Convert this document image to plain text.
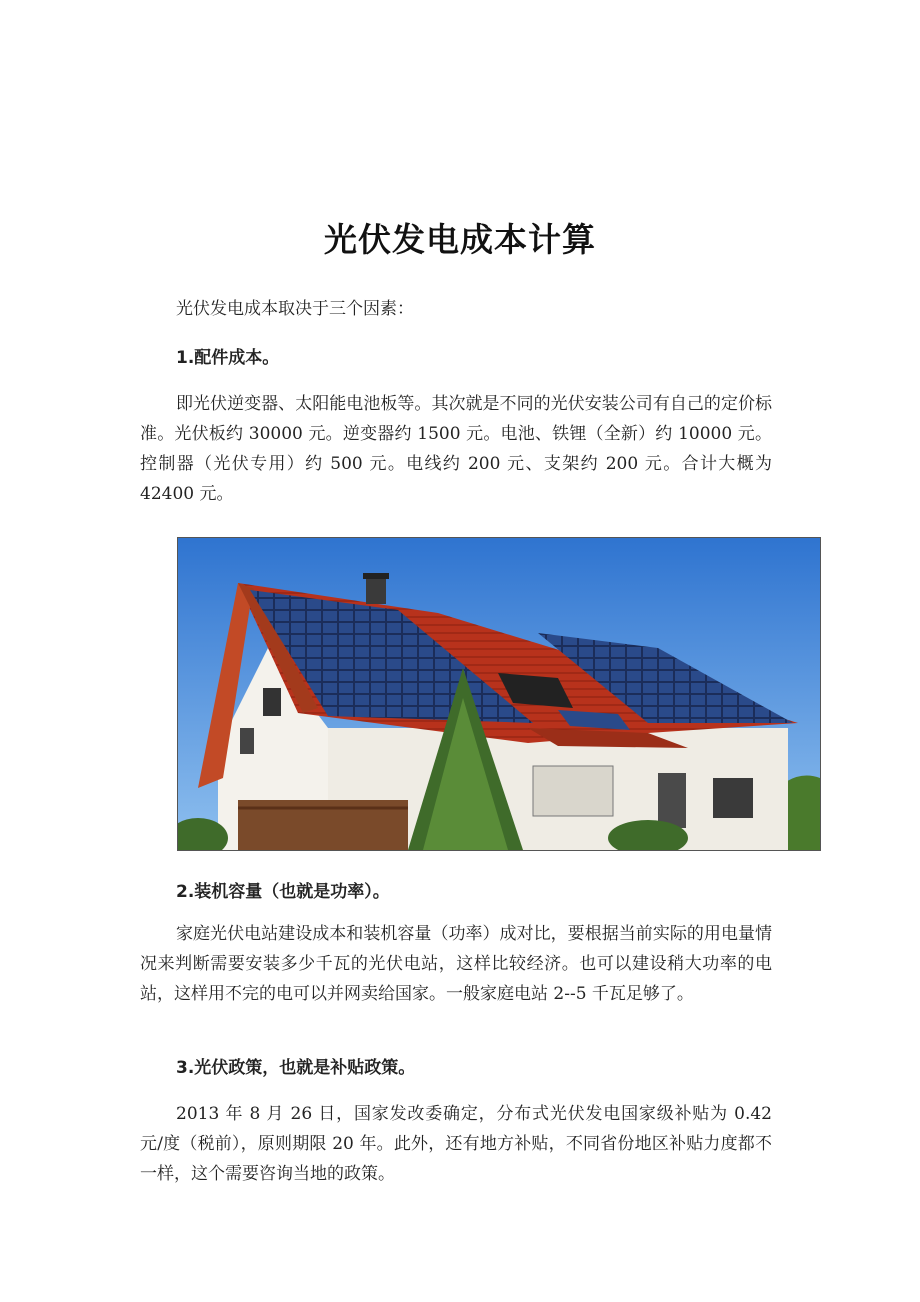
光伏发电成本计算

光伏发电成本取决于三个因素：

1.配件成本。

即光伏逆变器、太阳能电池板等。其次就是不同的光伏安装公司有自己的定价标准。光伏板约 30000 元。逆变器约 1500 元。电池、铁锂（全新）约 10000 元。控制器（光伏专用）约 500 元。电线约 200 元、支架约 200 元。合计大概为 42400 元。

2.装机容量（也就是功率）。

家庭光伏电站建设成本和装机容量（功率）成对比，要根据当前实际的用电量情况来判断需要安装多少千瓦的光伏电站，这样比较经济。也可以建设稍大功率的电站，这样用不完的电可以并网卖给国家。一般家庭电站 2--5 千瓦足够了。

3.光伏政策，也就是补贴政策。

2013 年 8 月 26 日，国家发改委确定，分布式光伏发电国家级补贴为 0.42 元/度（税前），原则期限 20 年。此外，还有地方补贴，不同省份地区补贴力度都不一样，这个需要咨询当地的政策。
